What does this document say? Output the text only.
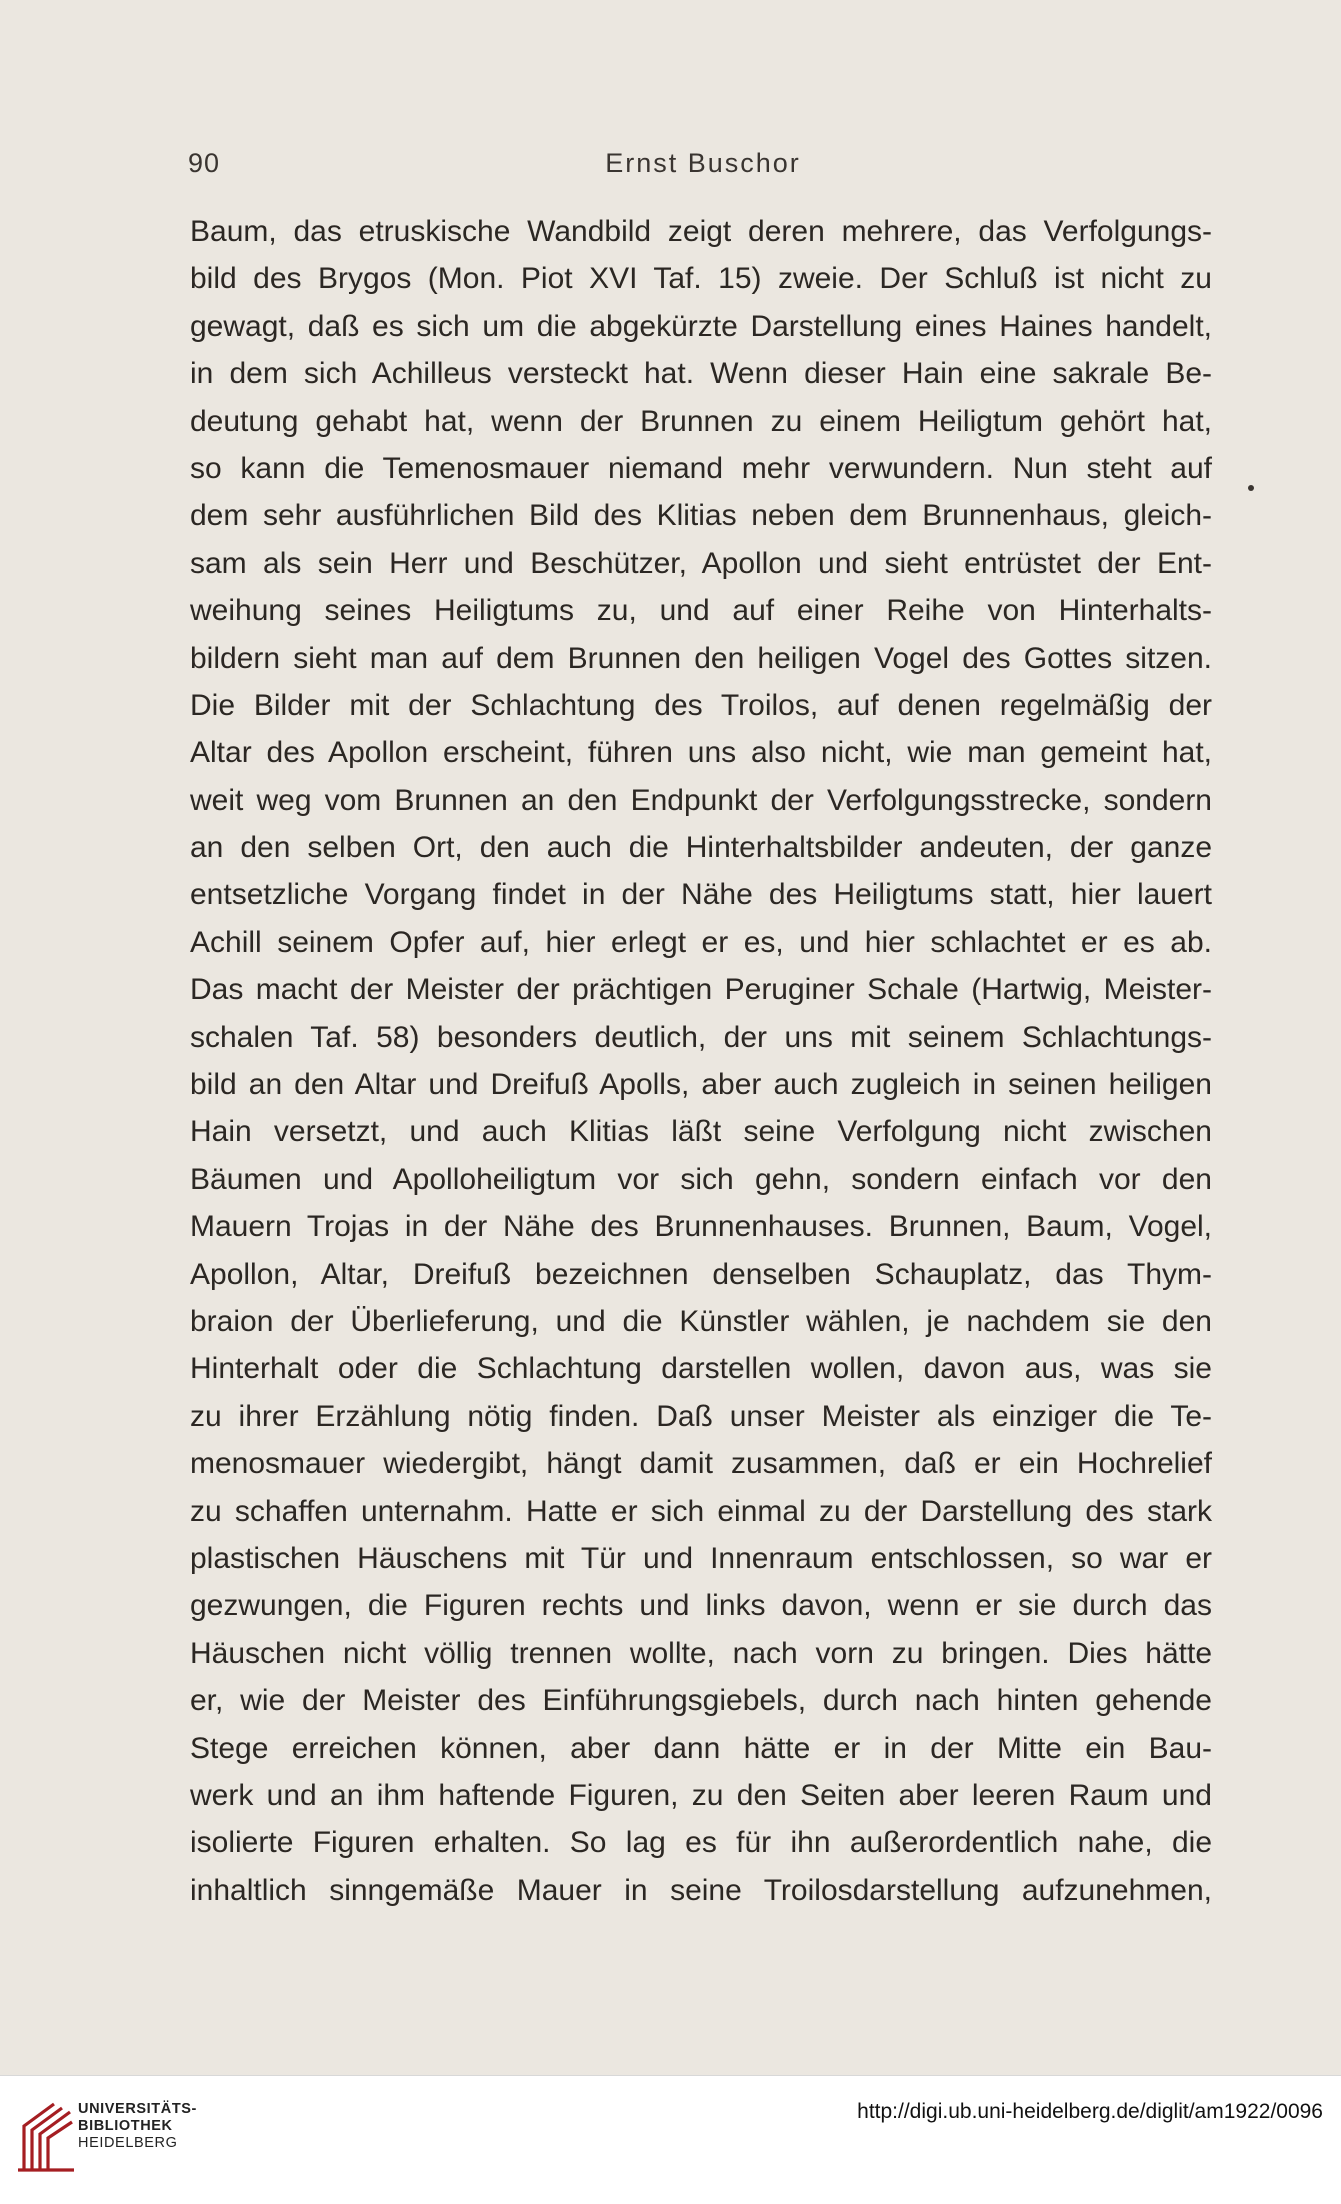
90	Ernst Buschor
Baum, das etruskische Wandbild zeigt deren mehrere, das Verfolgungs-
bild des Brygos (Mon. Piot XVI Taf. 15) zweie. Der Schluß ist nicht zu
gewagt, daß es sich um die abgekürzte Darstellung eines Haines handelt,
in dem sich Achilleus versteckt hat. Wenn dieser Hain eine sakrale Be-
deutung gehabt hat, wenn der Brunnen zu einem Heiligtum gehört hat,
so kann die Temenosmauer niemand mehr verwundern. Nun steht auf
dem sehr ausführlichen Bild des Klitias neben dem Brunnenhaus, gleich-
sam als sein Herr und Beschützer, Apollon und sieht entrüstet der Ent-
weihung seines Heiligtums zu, und auf einer Reihe von Hinterhalts-
bildern sieht man auf dem Brunnen den heiligen Vogel des Gottes sitzen.
Die Bilder mit der Schlachtung des Troilos, auf denen regelmäßig der
Altar des Apollon erscheint, führen uns also nicht, wie man gemeint hat,
weit weg vom Brunnen an den Endpunkt der Verfolgungsstrecke, sondern
an den selben Ort, den auch die Hinterhaltsbilder andeuten, der ganze
entsetzliche Vorgang findet in der Nähe des Heiligtums statt, hier lauert
Achill seinem Opfer auf, hier erlegt er es, und hier schlachtet er es ab.
Das macht der Meister der prächtigen Peruginer Schale (Hartwig, Meister-
schalen Taf. 58) besonders deutlich, der uns mit seinem Schlachtungs-
bild an den Altar und Dreifuß Apolls, aber auch zugleich in seinen heiligen
Hain versetzt, und auch Klitias läßt seine Verfolgung nicht zwischen
Bäumen und Apolloheiligtum vor sich gehn, sondern einfach vor den
Mauern Trojas in der Nähe des Brunnenhauses. Brunnen, Baum, Vogel,
Apollon, Altar, Dreifuß bezeichnen denselben Schauplatz, das Thym-
braion der Überlieferung, und die Künstler wählen, je nachdem sie den
Hinterhalt oder die Schlachtung darstellen wollen, davon aus, was sie
zu ihrer Erzählung nötig finden. Daß unser Meister als einziger die Te-
menosmauer wiedergibt, hängt damit zusammen, daß er ein Hochrelief
zu schaffen unternahm. Hatte er sich einmal zu der Darstellung des stark
plastischen Häuschens mit Tür und Innenraum entschlossen, so war er
gezwungen, die Figuren rechts und links davon, wenn er sie durch das
Häuschen nicht völlig trennen wollte, nach vorn zu bringen. Dies hätte
er, wie der Meister des Einführungsgiebels, durch nach hinten gehende
Stege erreichen können, aber dann hätte er in der Mitte ein Bau-
werk und an ihm haftende Figuren, zu den Seiten aber leeren Raum und
isolierte Figuren erhalten. So lag es für ihn außerordentlich nahe, die
inhaltlich sinngemäße Mauer in seine Troilosdarstellung aufzunehmen,
UNIVERSITÄTS-
BIBLIOTHEK
HEIDELBERG
http://digi.ub.uni-heidelberg.de/diglit/am1922/0096
